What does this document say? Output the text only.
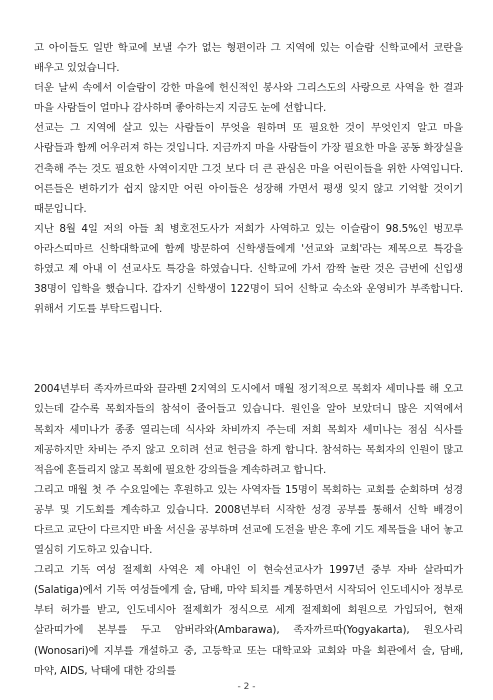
고 아이들도 일반 학교에 보낼 수가 없는 형편이라 그 지역에 있는 이슬람 신학교에서 코란을 배우고 있었습니다.

더운 날씨 속에서 이슬람이 강한 마을에 헌신적인 봉사와 그리스도의 사랑으로 사역을 한 결과 마을 사람들이 얼마나 감사하며 좋아하는지 지금도 눈에 선합니다.

선교는 그 지역에 살고 있는 사람들이 무엇을 원하며 또 필요한 것이 무엇인지 알고 마을 사람들과 함께 어우러져 하는 것입니다. 지금까지 마을 사람들이 가장 필요한 마을 공동 화장실을 건축해 주는 것도 필요한 사역이지만 그것 보다 더 큰 관심은 마을 어린이들을 위한 사역입니다. 어른들은 변하기가 쉽지 않지만 어린 아이들은 성장해 가면서 평생 잊지 않고 기억할 것이기 때문입니다.

지난 8월 4일 저의 아들 최 병호전도사가 저희가 사역하고 있는 이슬람이 98.5%인 벙꼬루 아라스띠마르 신학대학교에 함께 방문하여 신학생들에게 '선교와 교회'라는 제목으로 특강을 하였고 제 아내 이 선교사도 특강을 하였습니다. 신학교에 가서 깜짝 놀란 것은 금번에 신입생 38명이 입학을 했습니다. 갑자기 신학생이 122명이 되어 신학교 숙소와 운영비가 부족합니다. 위해서 기도를 부탁드립니다.

2004년부터 족자까르따와 끌라뗀 2지역의 도시에서 매월 정기적으로 목회자 세미나를 해 오고 있는데 갈수록 목회자들의 참석이 줄어들고 있습니다. 원인을 알아 보았더니 많은 지역에서 목회자 세미나가 종종 열리는데 식사와 차비까지 주는데 저희 목회자 세미나는 점심 식사를 제공하지만 차비는 주지 않고 오히려 선교 헌금을 하게 합니다. 참석하는 목회자의 인원이 많고 적음에 흔들리지 않고 목회에 필요한 강의들을 계속하려고 합니다.

그리고 매월 첫 주 수요일에는 후원하고 있는 사역자들 15명이 목회하는 교회를 순회하며 성경 공부 및 기도회를 계속하고 있습니다. 2008년부터 시작한 성경 공부를 통해서 신학 배경이 다르고 교단이 다르지만 바울 서신을 공부하며 선교에 도전을 받은 후에 기도 제목들을 내어 놓고 열심히 기도하고 있습니다.

그리고 기독 여성 절제회 사역은 제 아내인 이 현숙선교사가 1997년 중부 자바 살라띠가(Salatiga)에서 기독 여성들에게 술, 담배, 마약 퇴치를 계몽하면서 시작되어 인도네시아 정부로 부터 허가를 받고, 인도네시아 절제회가 정식으로 세계 절제회에 회원으로 가입되어, 현재 살라띠가에 본부를 두고 암버라와(Ambarawa), 족자까르따(Yogyakarta), 원오사리(Wonosari)에 지부를 개설하고 중, 고등학교 또는 대학교와 교회와 마을 회관에서 술, 담배, 마약, AIDS, 낙태에 대한 강의를

- 2 -
